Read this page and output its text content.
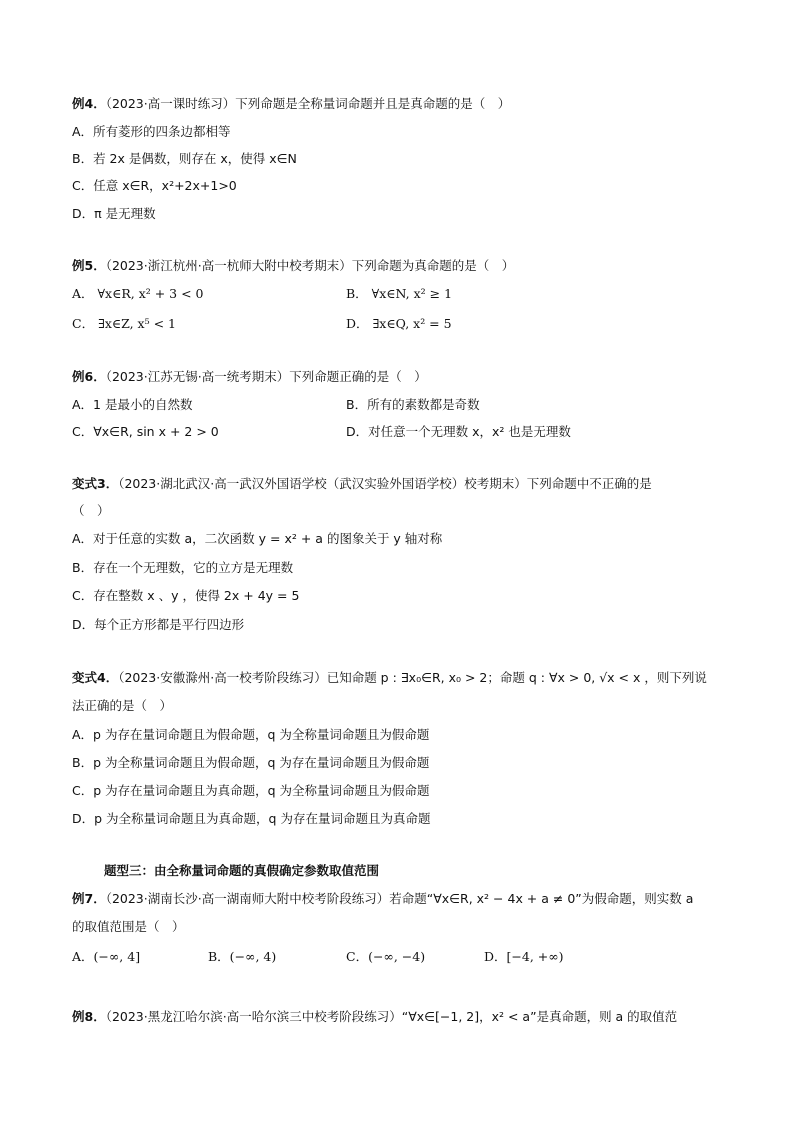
例4．（2023·高一课时练习）下列命题是全称量词命题并且是真命题的是（　）
A．所有菱形的四条边都相等
B．若 2x 是偶数，则存在 x，使得 x∈N
C．任意 x∈R，x²+2x+1>0
D．π 是无理数
例5．（2023·浙江杭州·高一杭师大附中校考期末）下列命题为真命题的是（　）
A． ∀x∈R, x² + 3 < 0	B． ∀x∈N, x² ≥ 1
C． ∃x∈Z, x⁵ < 1	D． ∃x∈Q, x² = 5
例6．（2023·江苏无锡·高一统考期末）下列命题正确的是（　）
A．1 是最小的自然数	B．所有的素数都是奇数
C．∀x∈R, sin x + 2 > 0	D．对任意一个无理数 x，x² 也是无理数
变式3．（2023·湖北武汉·高一武汉外国语学校（武汉实验外国语学校）校考期末）下列命题中不正确的是
（　）
A．对于任意的实数 a，二次函数 y = x² + a 的图象关于 y 轴对称
B．存在一个无理数，它的立方是无理数
C．存在整数 x 、y ，使得 2x + 4y = 5
D．每个正方形都是平行四边形
变式4．（2023·安徽滁州·高一校考阶段练习）已知命题 p : ∃x₀∈R, x₀ > 2；命题 q : ∀x > 0, √x < x ，则下列说
法正确的是（　）
A．p 为存在量词命题且为假命题，q 为全称量词命题且为假命题
B．p 为全称量词命题且为假命题，q 为存在量词命题且为假命题
C．p 为存在量词命题且为真命题，q 为全称量词命题且为假命题
D．p 为全称量词命题且为真命题，q 为存在量词命题且为真命题
题型三：由全称量词命题的真假确定参数取值范围
例7．（2023·湖南长沙·高一湖南师大附中校考阶段练习）若命题“∀x∈R, x² − 4x + a ≠ 0”为假命题，则实数 a
的取值范围是（　）
A．(−∞, 4]	B．(−∞, 4)	C．(−∞, −4)	D．[−4, +∞)
例8．（2023·黑龙江哈尔滨·高一哈尔滨三中校考阶段练习）“∀x∈[−1, 2]，x² < a”是真命题，则 a 的取值范
